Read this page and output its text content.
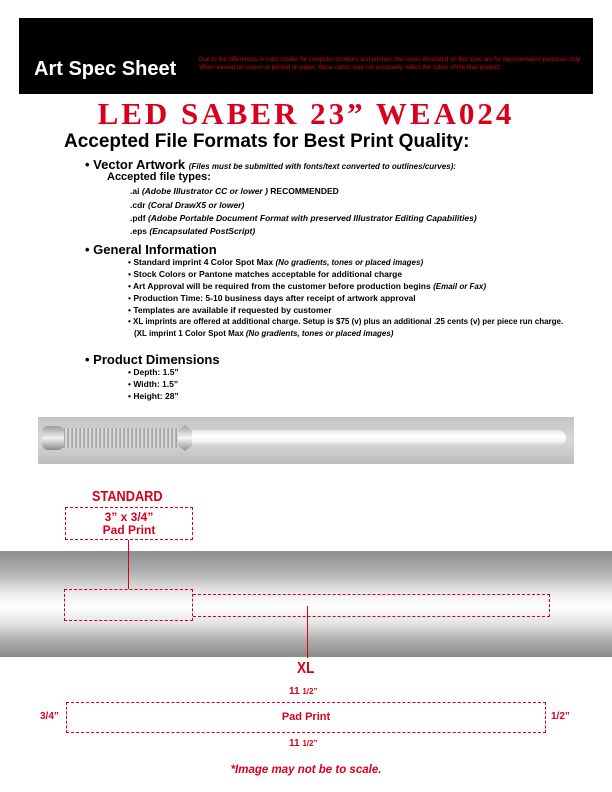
Art Spec Sheet	Due to the differences in color modes for computer monitors and printers, the colors illustrated on this spec are for representation purposes only. When viewed on screen or printed on paper, these colors may not accurately reflect the colors of the final product.
LED SABER 23” WEA024
Accepted File Formats for Best Print Quality:
• Vector Artwork (Files must be submitted with fonts/text converted to outlines/curves):
Accepted file types:
.ai (Adobe Illustrator CC or lower ) RECOMMENDED
.cdr (Coral DrawX5 or lower)
.pdf (Adobe Portable Document Format with preserved Illustrator Editing Capabilities)
.eps (Encapsulated PostScript)
• General Information
• Standard imprint 4 Color Spot Max (No gradients, tones or placed images)
• Stock Colors or Pantone matches acceptable for additional charge
• Art Approval will be required from the customer before production begins (Email or Fax)
• Production Time: 5-10 business days after receipt of artwork approval
• Templates are available if requested by customer
• XL imprints are offered at additional charge. Setup is $75 (v) plus an additional .25 cents (v) per piece run charge.
(XL imprint 1 Color Spot Max (No gradients, tones or placed images)
• Product Dimensions
• Depth: 1.5”
• Width: 1.5”
• Height: 28”
STANDARD
3” x 3/4”
Pad Print
XL
11 1/2”
3/4”	Pad Print	1/2”
11 1/2”
*Image may not be to scale.
